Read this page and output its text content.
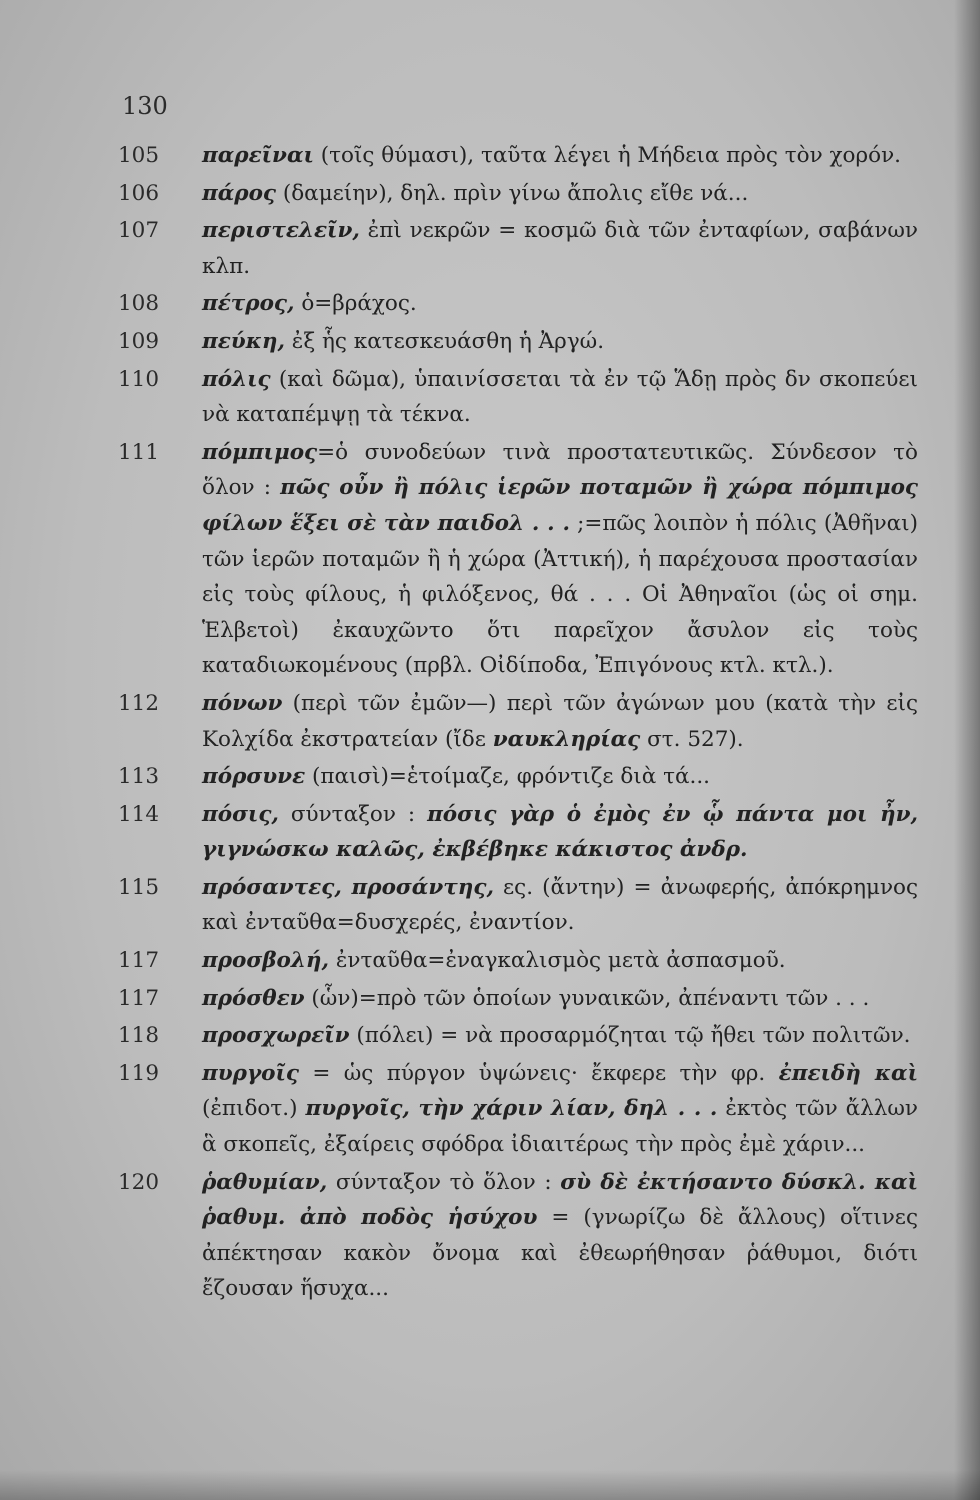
130
105	παρεῖναι (τοῖς θύμασι), ταῦτα λέγει ἡ Μήδεια πρὸς τὸν χορόν.
106	πάρος (δαμείην), δηλ. πρὶν γίνω ἄπολις εἴθε νά...
107	περιστελεῖν, ἐπὶ νεκρῶν = κοσμῶ διὰ τῶν ἐνταφίων, σαβάνων κλπ.
108	πέτρος, ὁ=βράχος.
109	πεύκη, ἐξ ἧς κατεσκευάσθη ἡ Ἀργώ.
110	πόλις (καὶ δῶμα), ὑπαινίσσεται τὰ ἐν τῷ Ἅδῃ πρὸς δν σκοπεύει νὰ καταπέμψῃ τὰ τέκνα.
111	πόμπιμος=ὁ συνοδεύων τινὰ προστατευτικῶς. Σύνδεσον τὸ ὅλον : πῶς οὖν ἢ πόλις ἱερῶν ποταμῶν ἢ χώρα πόμπιμος φίλων ἕξει σὲ τὰν παιδολ . . . ;=πῶς λοιπὸν ἡ πόλις (Ἀθῆναι) τῶν ἱερῶν ποταμῶν ἢ ἡ χώρα (Ἀττική), ἡ παρέχουσα προστασίαν εἰς τοὺς φίλους, ἡ φιλόξενος, θά . . . Οἱ Ἀθηναῖοι (ὡς οἱ σημ. Ἑλβετοὶ) ἐκαυχῶντο ὅτι παρεῖχον ἄσυλον εἰς τοὺς καταδιωκομένους (πρβλ. Οἰδίποδα, Ἐπιγόνους κτλ. κτλ.).
112	πόνων (περὶ τῶν ἐμῶν—) περὶ τῶν ἀγώνων μου (κατὰ τὴν εἰς Κολχίδα ἐκστρατείαν (ἴδε ναυκληρίας στ. 527).
113	πόρσυνε (παισὶ)=ἑτοίμαζε, φρόντιζε διὰ τά...
114	πόσις, σύνταξον : πόσις γὰρ ὁ ἐμὸς ἐν ᾧ πάντα μοι ἦν, γιγνώσκω καλῶς, ἐκβέβηκε κάκιστος ἀνδρ.
115	πρόσαντες, προσάντης, ες. (ἄντην) = ἀνωφερής, ἀπόκρημνος καὶ ἐνταῦθα=δυσχερές, ἐναντίον.
117	προσβολή, ἐνταῦθα=ἐναγκαλισμὸς μετὰ ἀσπασμοῦ.
117	πρόσθεν (ὧν)=πρὸ τῶν ὁποίων γυναικῶν, ἀπέναντι τῶν . . .
118	προσχωρεῖν (πόλει) = νὰ προσαρμόζηται τῷ ἤθει τῶν πολιτῶν.
119	πυργοῖς = ὡς πύργον ὑψώνεις· ἔκφερε τὴν φρ. ἐπειδὴ καὶ (ἐπιδοτ.) πυργοῖς, τὴν χάριν λίαν, δηλ . . . ἐκτὸς τῶν ἄλλων ἃ σκοπεῖς, ἐξαίρεις σφόδρα ἰδιαιτέρως τὴν πρὸς ἐμὲ χάριν...
120	ῥαθυμίαν, σύνταξον τὸ ὅλον : σὺ δὲ ἐκτήσαντο δύσκλ. καὶ ῥαθυμ. ἀπὸ ποδὸς ἡσύχου = (γνωρίζω δὲ ἄλλους) οἵτινες ἀπέκτησαν κακὸν ὄνομα καὶ ἐθεωρήθησαν ῥάθυμοι, διότι ἔζουσαν ἥσυχα...
